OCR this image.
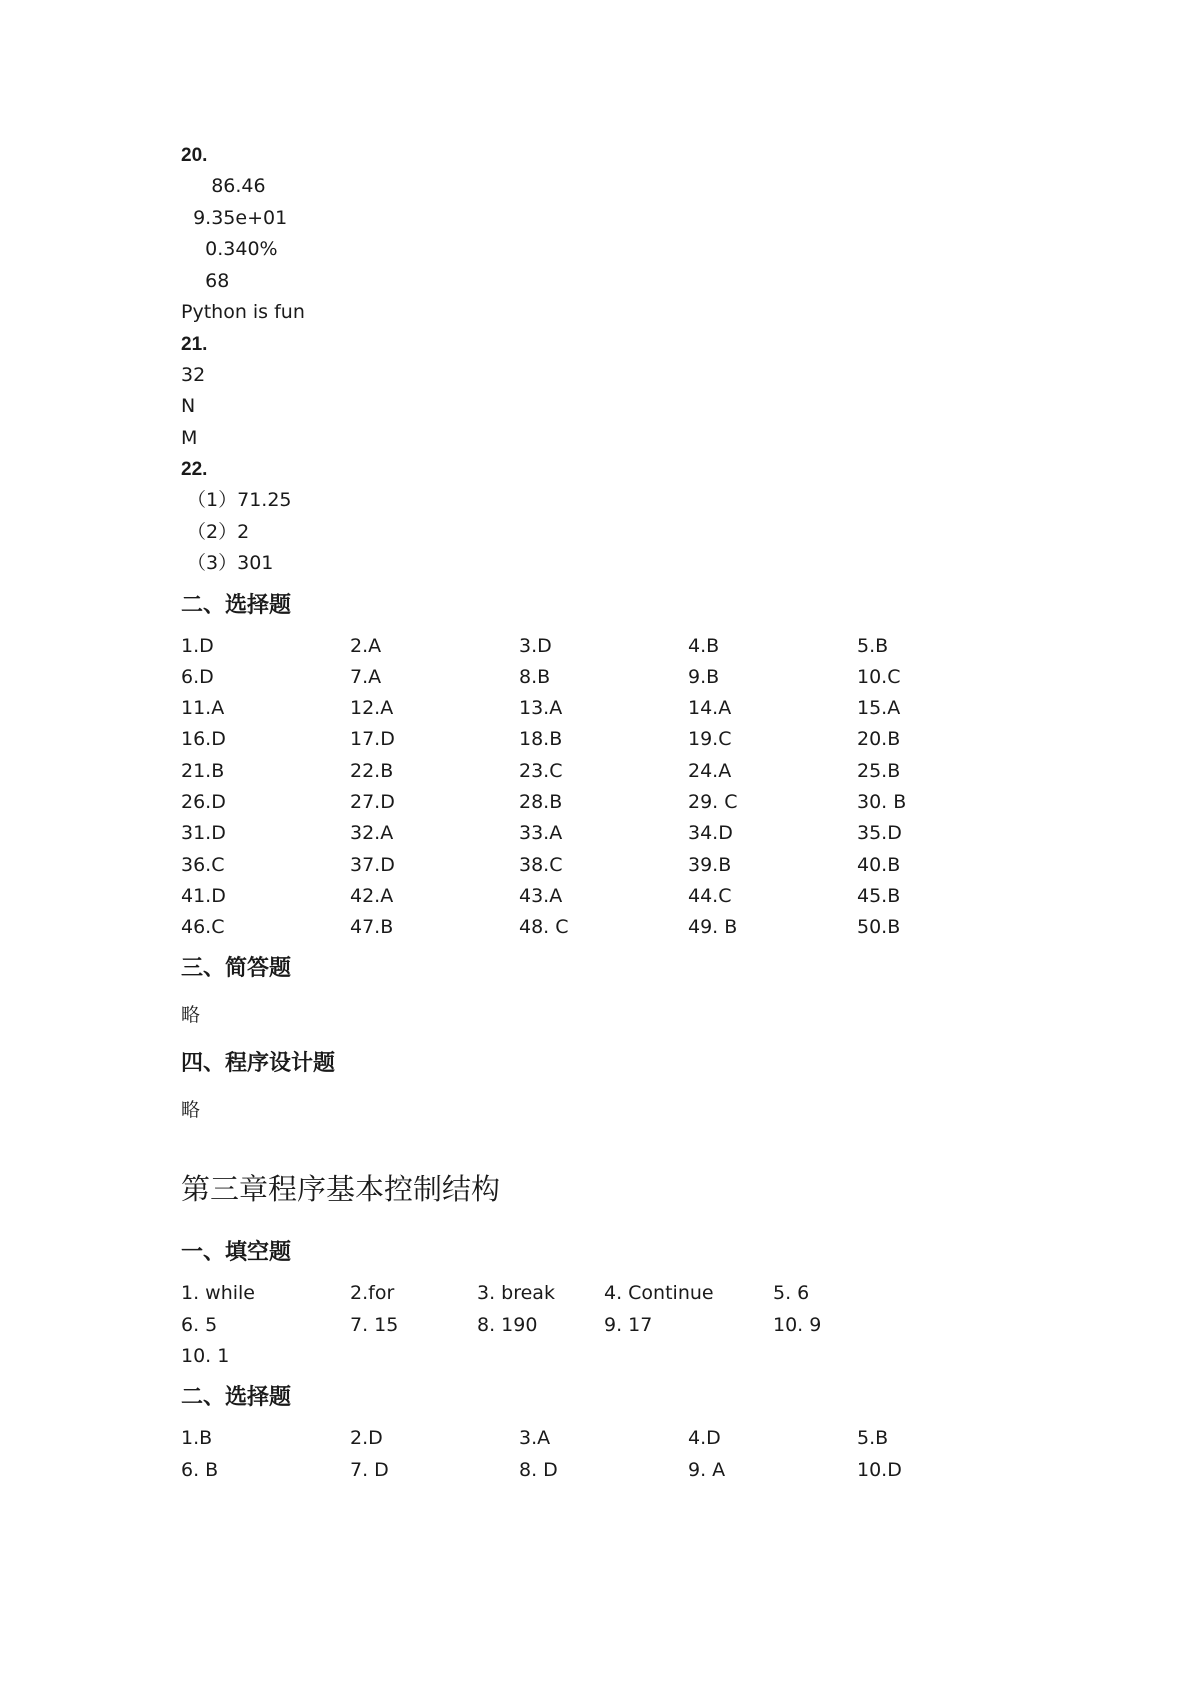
20.
86.46
9.35e+01
0.340%
68
Python is fun
21.
32
N
M
22.
（1）71.25
（2）2
（3）301
二、选择题
1.D	2.A	3.D	4.B	5.B
6.D	7.A	8.B	9.B	10.C
11.A	12.A	13.A	14.A	15.A
16.D	17.D	18.B	19.C	20.B
21.B	22.B	23.C	24.A	25.B
26.D	27.D	28.B	29. C	30. B
31.D	32.A	33.A	34.D	35.D
36.C	37.D	38.C	39.B	40.B
41.D	42.A	43.A	44.C	45.B
46.C	47.B	48. C	49. B	50.B
三、简答题
略
四、程序设计题
略
第三章程序基本控制结构
一、填空题
1. while	2.for	3. break	4. Continue	5. 6
6. 5	7. 15	8. 190	9. 17	10. 9
10. 1
二、选择题
1.B	2.D	3.A	4.D	5.B
6. B	7. D	8. D	9. A	10.D
